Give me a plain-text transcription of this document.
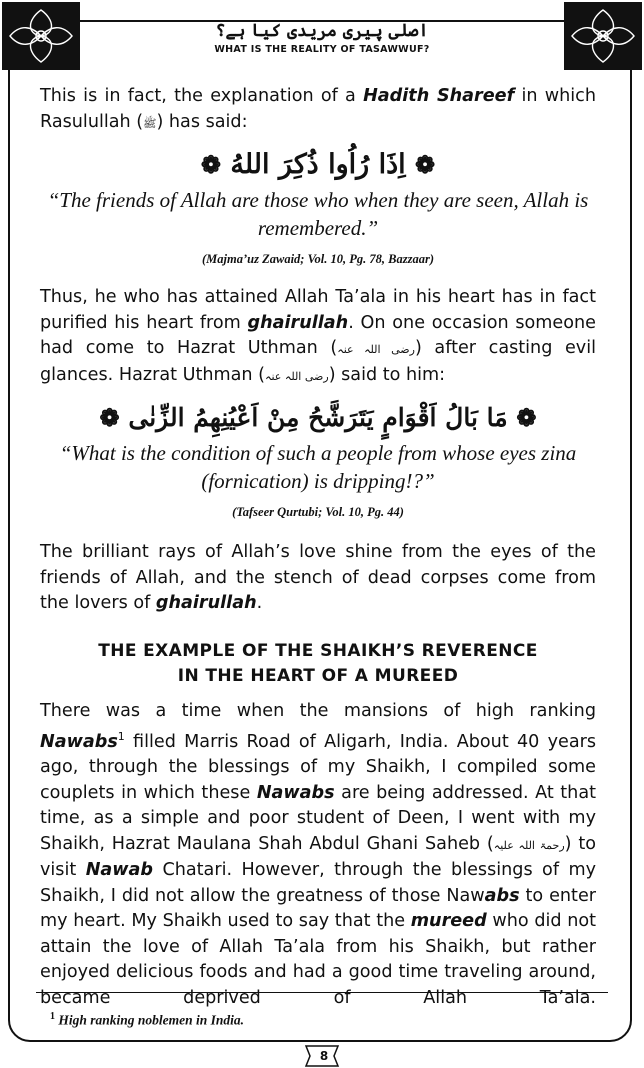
اصلی پیری مریدی کیا ہے؟
WHAT IS THE REALITY OF TASAWWUF?

This is in fact, the explanation of a Hadith Shareef in which Rasulullah (ﷺ) has said:

❁ اِذَا رُاُوا ذُکِرَ اللهُ ❁
“The friends of Allah are those who when they are seen, Allah is remembered.”
(Majma’uz Zawaid; Vol. 10, Pg. 78, Bazzaar)

Thus, he who has attained Allah Ta’ala in his heart has in fact purified his heart from ghairullah. On one occasion someone had come to Hazrat Uthman (رضی اللہ عنہ) after casting evil glances. Hazrat Uthman (رضی اللہ عنہ) said to him:

❁ مَا بَالُ اَقْوَامٍ یَتَرَشَّحُ مِنْ اَعْیُنِهِمُ الزِّنٰی ❁
“What is the condition of such a people from whose eyes zina (fornication) is dripping!?”
(Tafseer Qurtubi; Vol. 10, Pg. 44)

The brilliant rays of Allah’s love shine from the eyes of the friends of Allah, and the stench of dead corpses come from the lovers of ghairullah.

THE EXAMPLE OF THE SHAIKH’S REVERENCE
IN THE HEART OF A MUREED

There was a time when the mansions of high ranking Nawabs$^1$ filled Marris Road of Aligarh, India. About 40 years ago, through the blessings of my Shaikh, I compiled some couplets in which these Nawabs are being addressed. At that time, as a simple and poor student of Deen, I went with my Shaikh, Hazrat Maulana Shah Abdul Ghani Saheb (رحمۃ اللہ علیہ) to visit Nawab Chatari. However, through the blessings of my Shaikh, I did not allow the greatness of those Nawabs to enter my heart. My Shaikh used to say that the mureed who did not attain the love of Allah Ta’ala from his Shaikh, but rather enjoyed delicious foods and had a good time traveling around, became deprived of Allah Ta’ala.

$^1$ High ranking noblemen in India.
8
